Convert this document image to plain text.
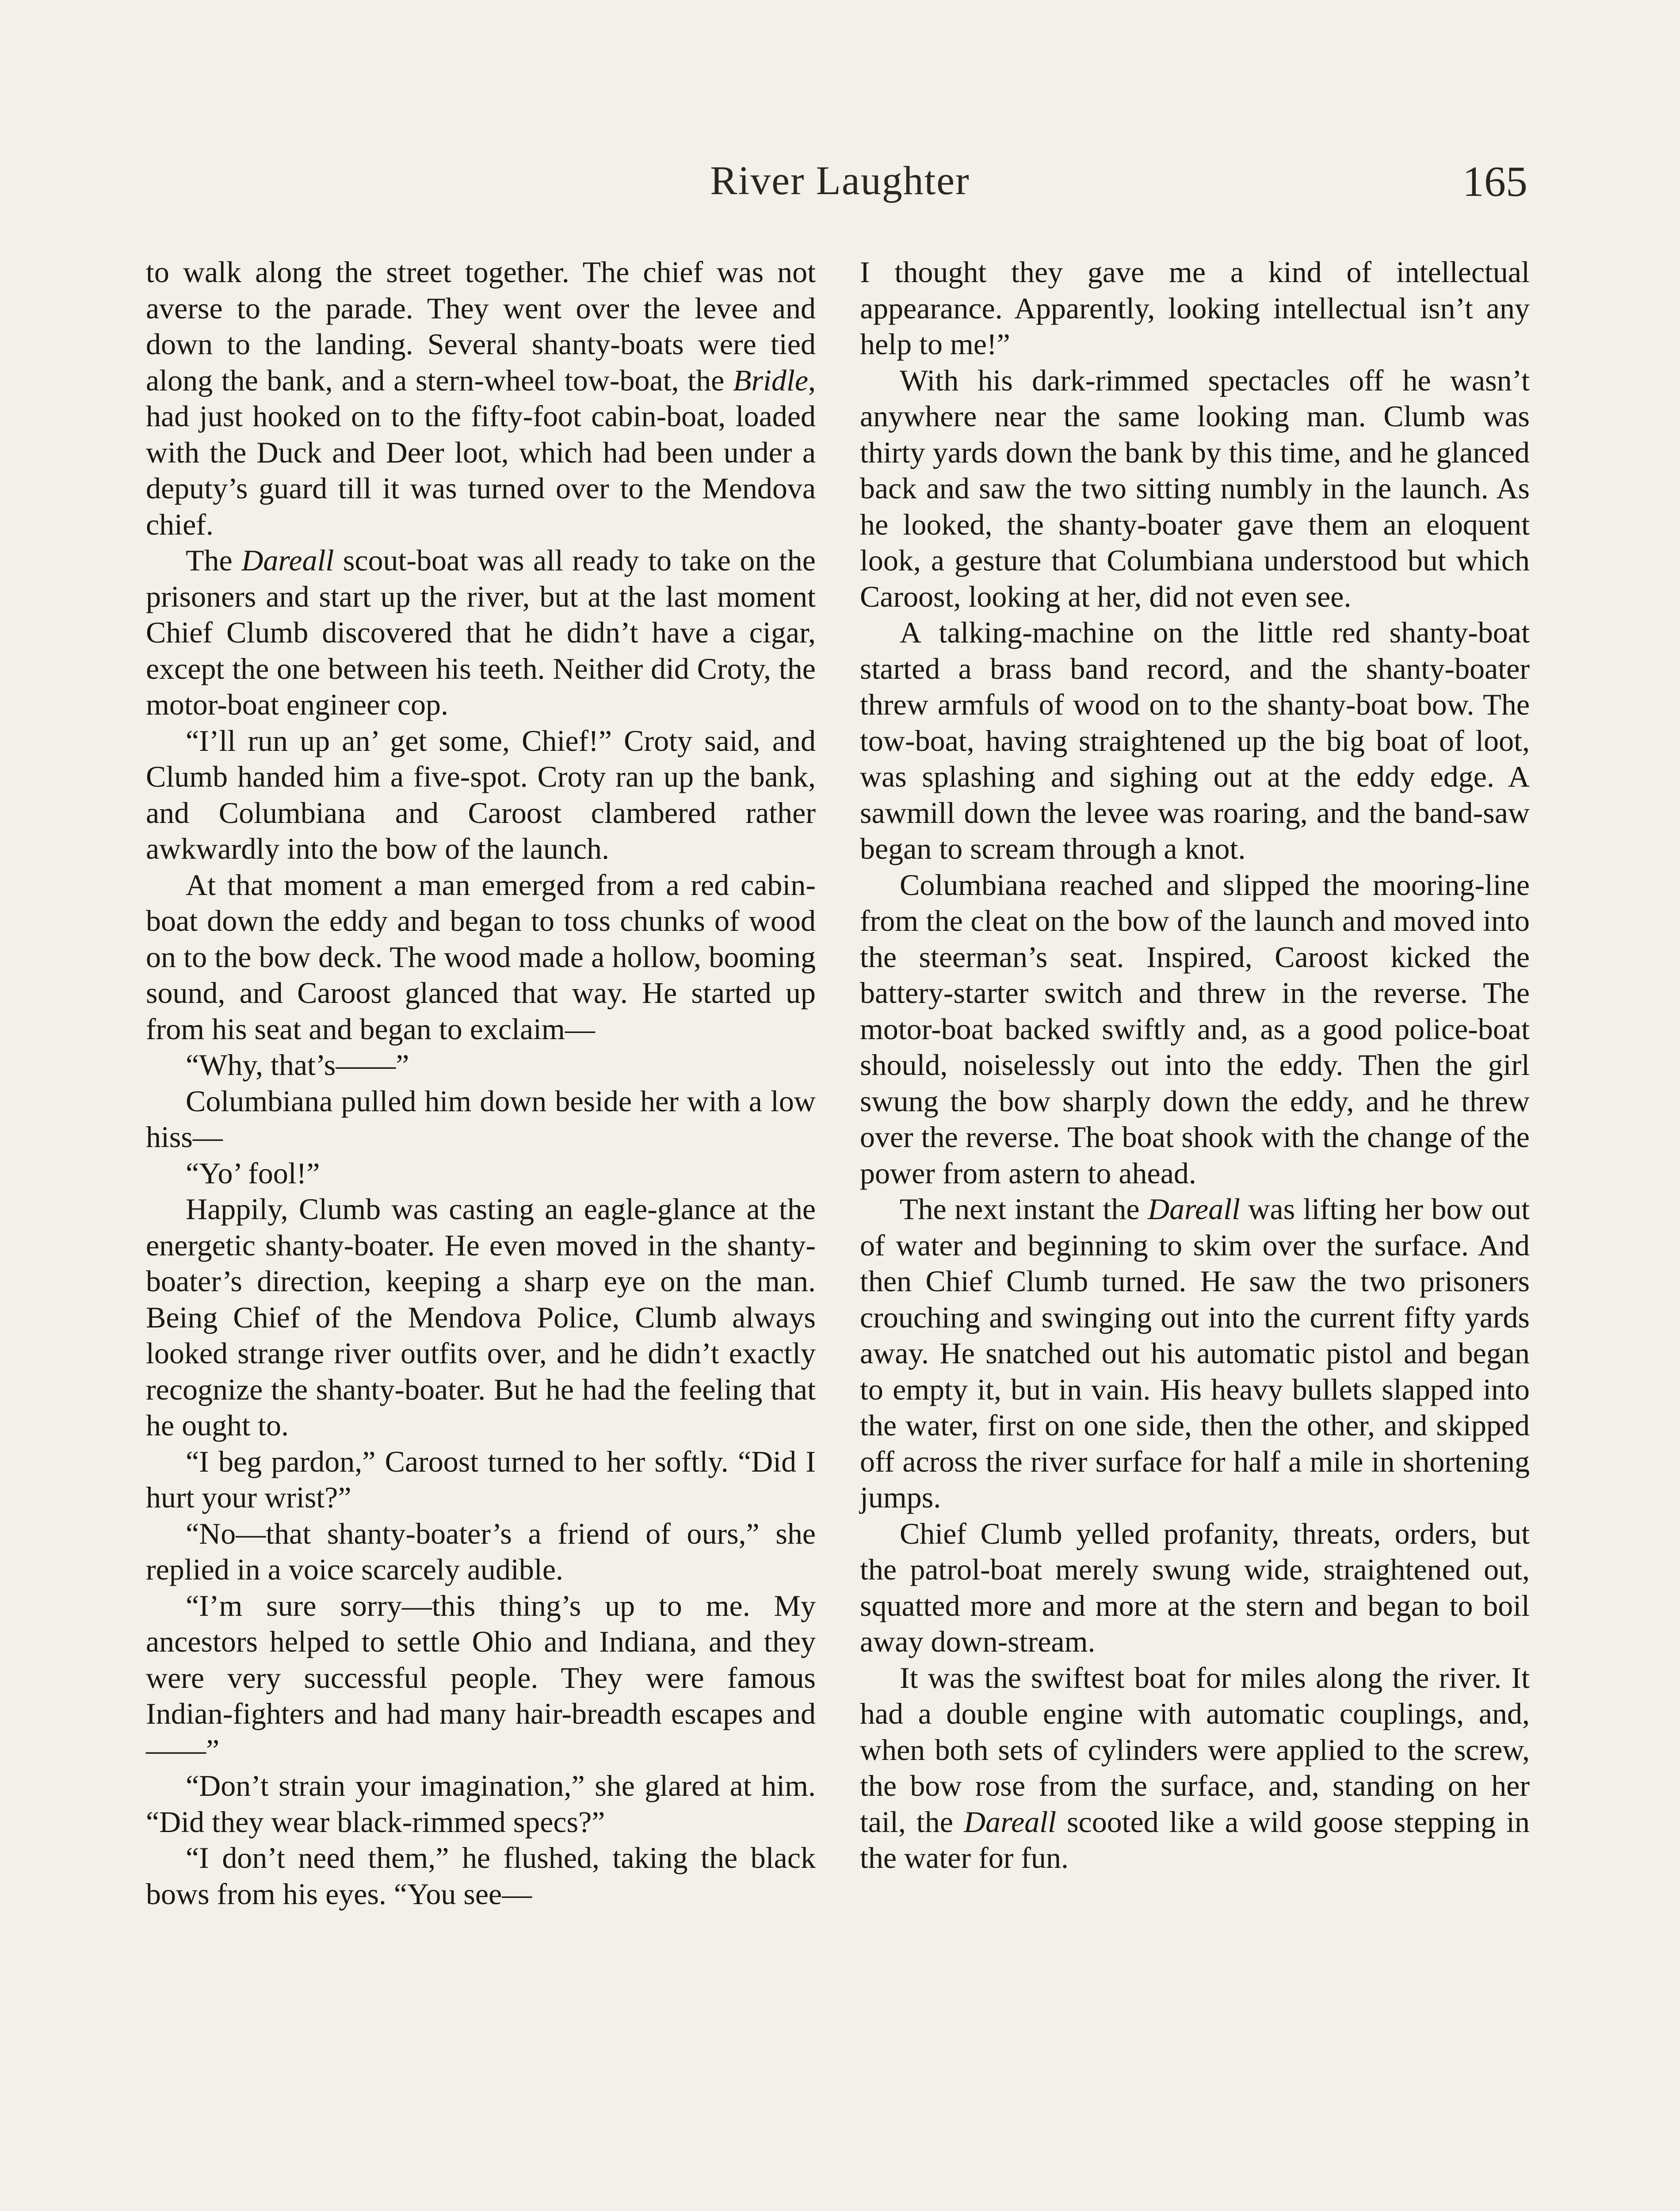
River Laughter	165

to walk along the street together. The chief was not averse to the parade. They went over the levee and down to the landing. Several shanty-boats were tied along the bank, and a stern-wheel tow-boat, the Bridle, had just hooked on to the fifty-foot cabin-boat, loaded with the Duck and Deer loot, which had been under a deputy’s guard till it was turned over to the Mendova chief.

The Dareall scout-boat was all ready to take on the prisoners and start up the river, but at the last moment Chief Clumb discovered that he didn’t have a cigar, except the one between his teeth. Neither did Croty, the motor-boat engineer cop.

“I’ll run up an’ get some, Chief!” Croty said, and Clumb handed him a five-spot. Croty ran up the bank, and Columbiana and Caroost clambered rather awkwardly into the bow of the launch.

At that moment a man emerged from a red cabin-boat down the eddy and began to toss chunks of wood on to the bow deck. The wood made a hollow, booming sound, and Caroost glanced that way. He started up from his seat and began to exclaim—

“Why, that’s——”

Columbiana pulled him down beside her with a low hiss—

“Yo’ fool!”

Happily, Clumb was casting an eagle-glance at the energetic shanty-boater. He even moved in the shanty-boater’s direction, keeping a sharp eye on the man. Being Chief of the Mendova Police, Clumb always looked strange river outfits over, and he didn’t exactly recognize the shanty-boater. But he had the feeling that he ought to.

“I beg pardon,” Caroost turned to her softly. “Did I hurt your wrist?”

“No—that shanty-boater’s a friend of ours,” she replied in a voice scarcely audible.

“I’m sure sorry—this thing’s up to me. My ancestors helped to settle Ohio and Indiana, and they were very successful people. They were famous Indian-fighters and had many hair-breadth escapes and ——”

“Don’t strain your imagination,” she glared at him. “Did they wear black-rimmed specs?”

“I don’t need them,” he flushed, taking the black bows from his eyes. “You see—

I thought they gave me a kind of intellectual appearance. Apparently, looking intellectual isn’t any help to me!”

With his dark-rimmed spectacles off he wasn’t anywhere near the same looking man. Clumb was thirty yards down the bank by this time, and he glanced back and saw the two sitting numbly in the launch. As he looked, the shanty-boater gave them an eloquent look, a gesture that Columbiana understood but which Caroost, looking at her, did not even see.

A talking-machine on the little red shanty-boat started a brass band record, and the shanty-boater threw armfuls of wood on to the shanty-boat bow. The tow-boat, having straightened up the big boat of loot, was splashing and sighing out at the eddy edge. A sawmill down the levee was roaring, and the band-saw began to scream through a knot.

Columbiana reached and slipped the mooring-line from the cleat on the bow of the launch and moved into the steerman’s seat. Inspired, Caroost kicked the battery-starter switch and threw in the reverse. The motor-boat backed swiftly and, as a good police-boat should, noiselessly out into the eddy. Then the girl swung the bow sharply down the eddy, and he threw over the reverse. The boat shook with the change of the power from astern to ahead.

The next instant the Dareall was lifting her bow out of water and beginning to skim over the surface. And then Chief Clumb turned. He saw the two prisoners crouching and swinging out into the current fifty yards away. He snatched out his automatic pistol and began to empty it, but in vain. His heavy bullets slapped into the water, first on one side, then the other, and skipped off across the river surface for half a mile in shortening jumps.

Chief Clumb yelled profanity, threats, orders, but the patrol-boat merely swung wide, straightened out, squatted more and more at the stern and began to boil away down-stream.

It was the swiftest boat for miles along the river. It had a double engine with automatic couplings, and, when both sets of cylinders were applied to the screw, the bow rose from the surface, and, standing on her tail, the Dareall scooted like a wild goose stepping in the water for fun.
